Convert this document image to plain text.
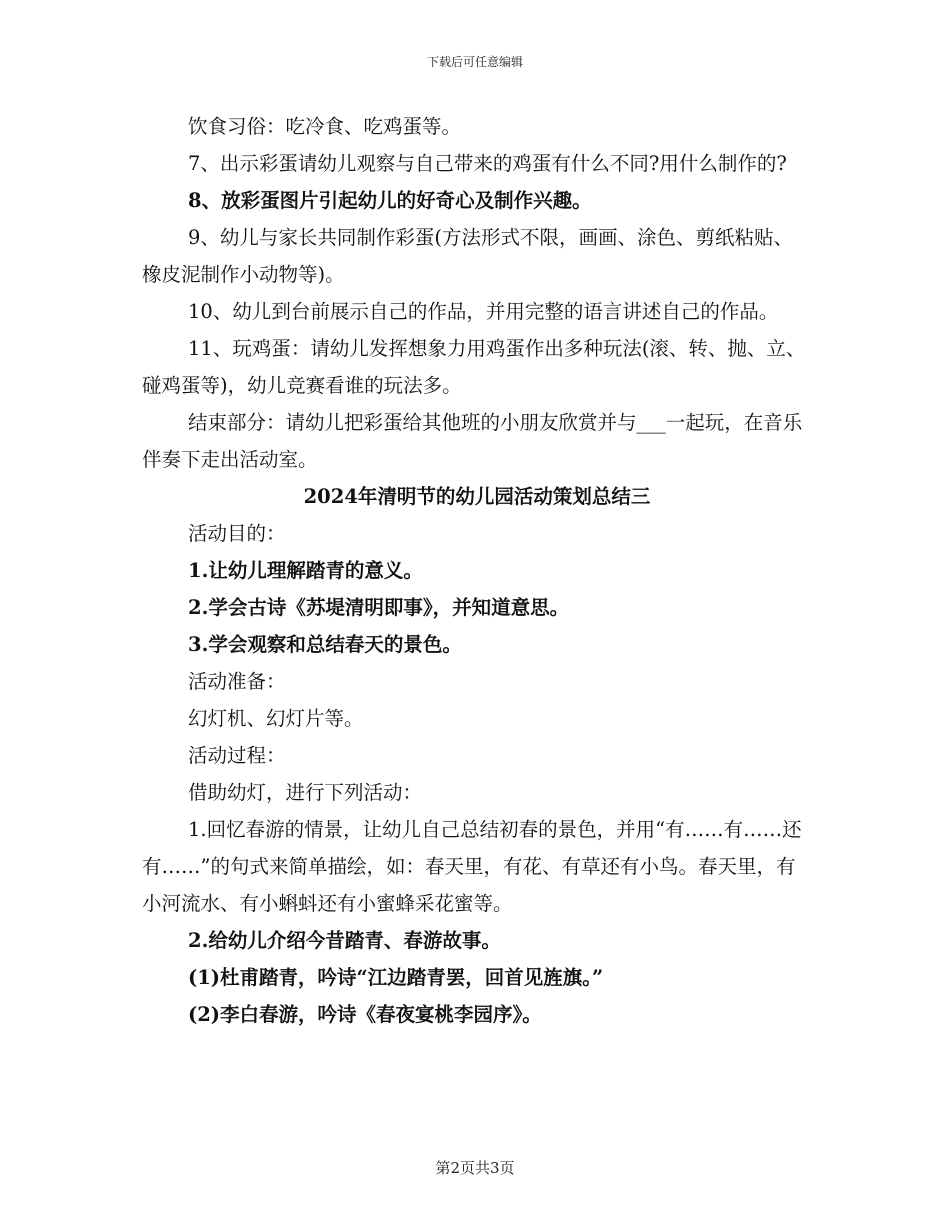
下载后可任意编辑

饮食习俗：吃冷食、吃鸡蛋等。

7、出示彩蛋请幼儿观察与自己带来的鸡蛋有什么不同?用什么制作的?

8、放彩蛋图片引起幼儿的好奇心及制作兴趣。

9、幼儿与家长共同制作彩蛋(方法形式不限，画画、涂色、剪纸粘贴、橡皮泥制作小动物等)。

10、幼儿到台前展示自己的作品，并用完整的语言讲述自己的作品。

11、玩鸡蛋：请幼儿发挥想象力用鸡蛋作出多种玩法(滚、转、抛、立、碰鸡蛋等)，幼儿竞赛看谁的玩法多。

结束部分：请幼儿把彩蛋给其他班的小朋友欣赏并与___一起玩，在音乐伴奏下走出活动室。

2024年清明节的幼儿园活动策划总结三

活动目的：

1.让幼儿理解踏青的意义。

2.学会古诗《苏堤清明即事》，并知道意思。

3.学会观察和总结春天的景色。

活动准备：

幻灯机、幻灯片等。

活动过程：

借助幼灯，进行下列活动：

1.回忆春游的情景，让幼儿自己总结初春的景色，并用“有……有……还有……”的句式来简单描绘，如：春天里，有花、有草还有小鸟。春天里，有小河流水、有小蝌蚪还有小蜜蜂采花蜜等。

2.给幼儿介绍今昔踏青、春游故事。

(1)杜甫踏青，吟诗“江边踏青罢，回首见旌旗。”

(2)李白春游，吟诗《春夜宴桃李园序》。

第2页共3页
